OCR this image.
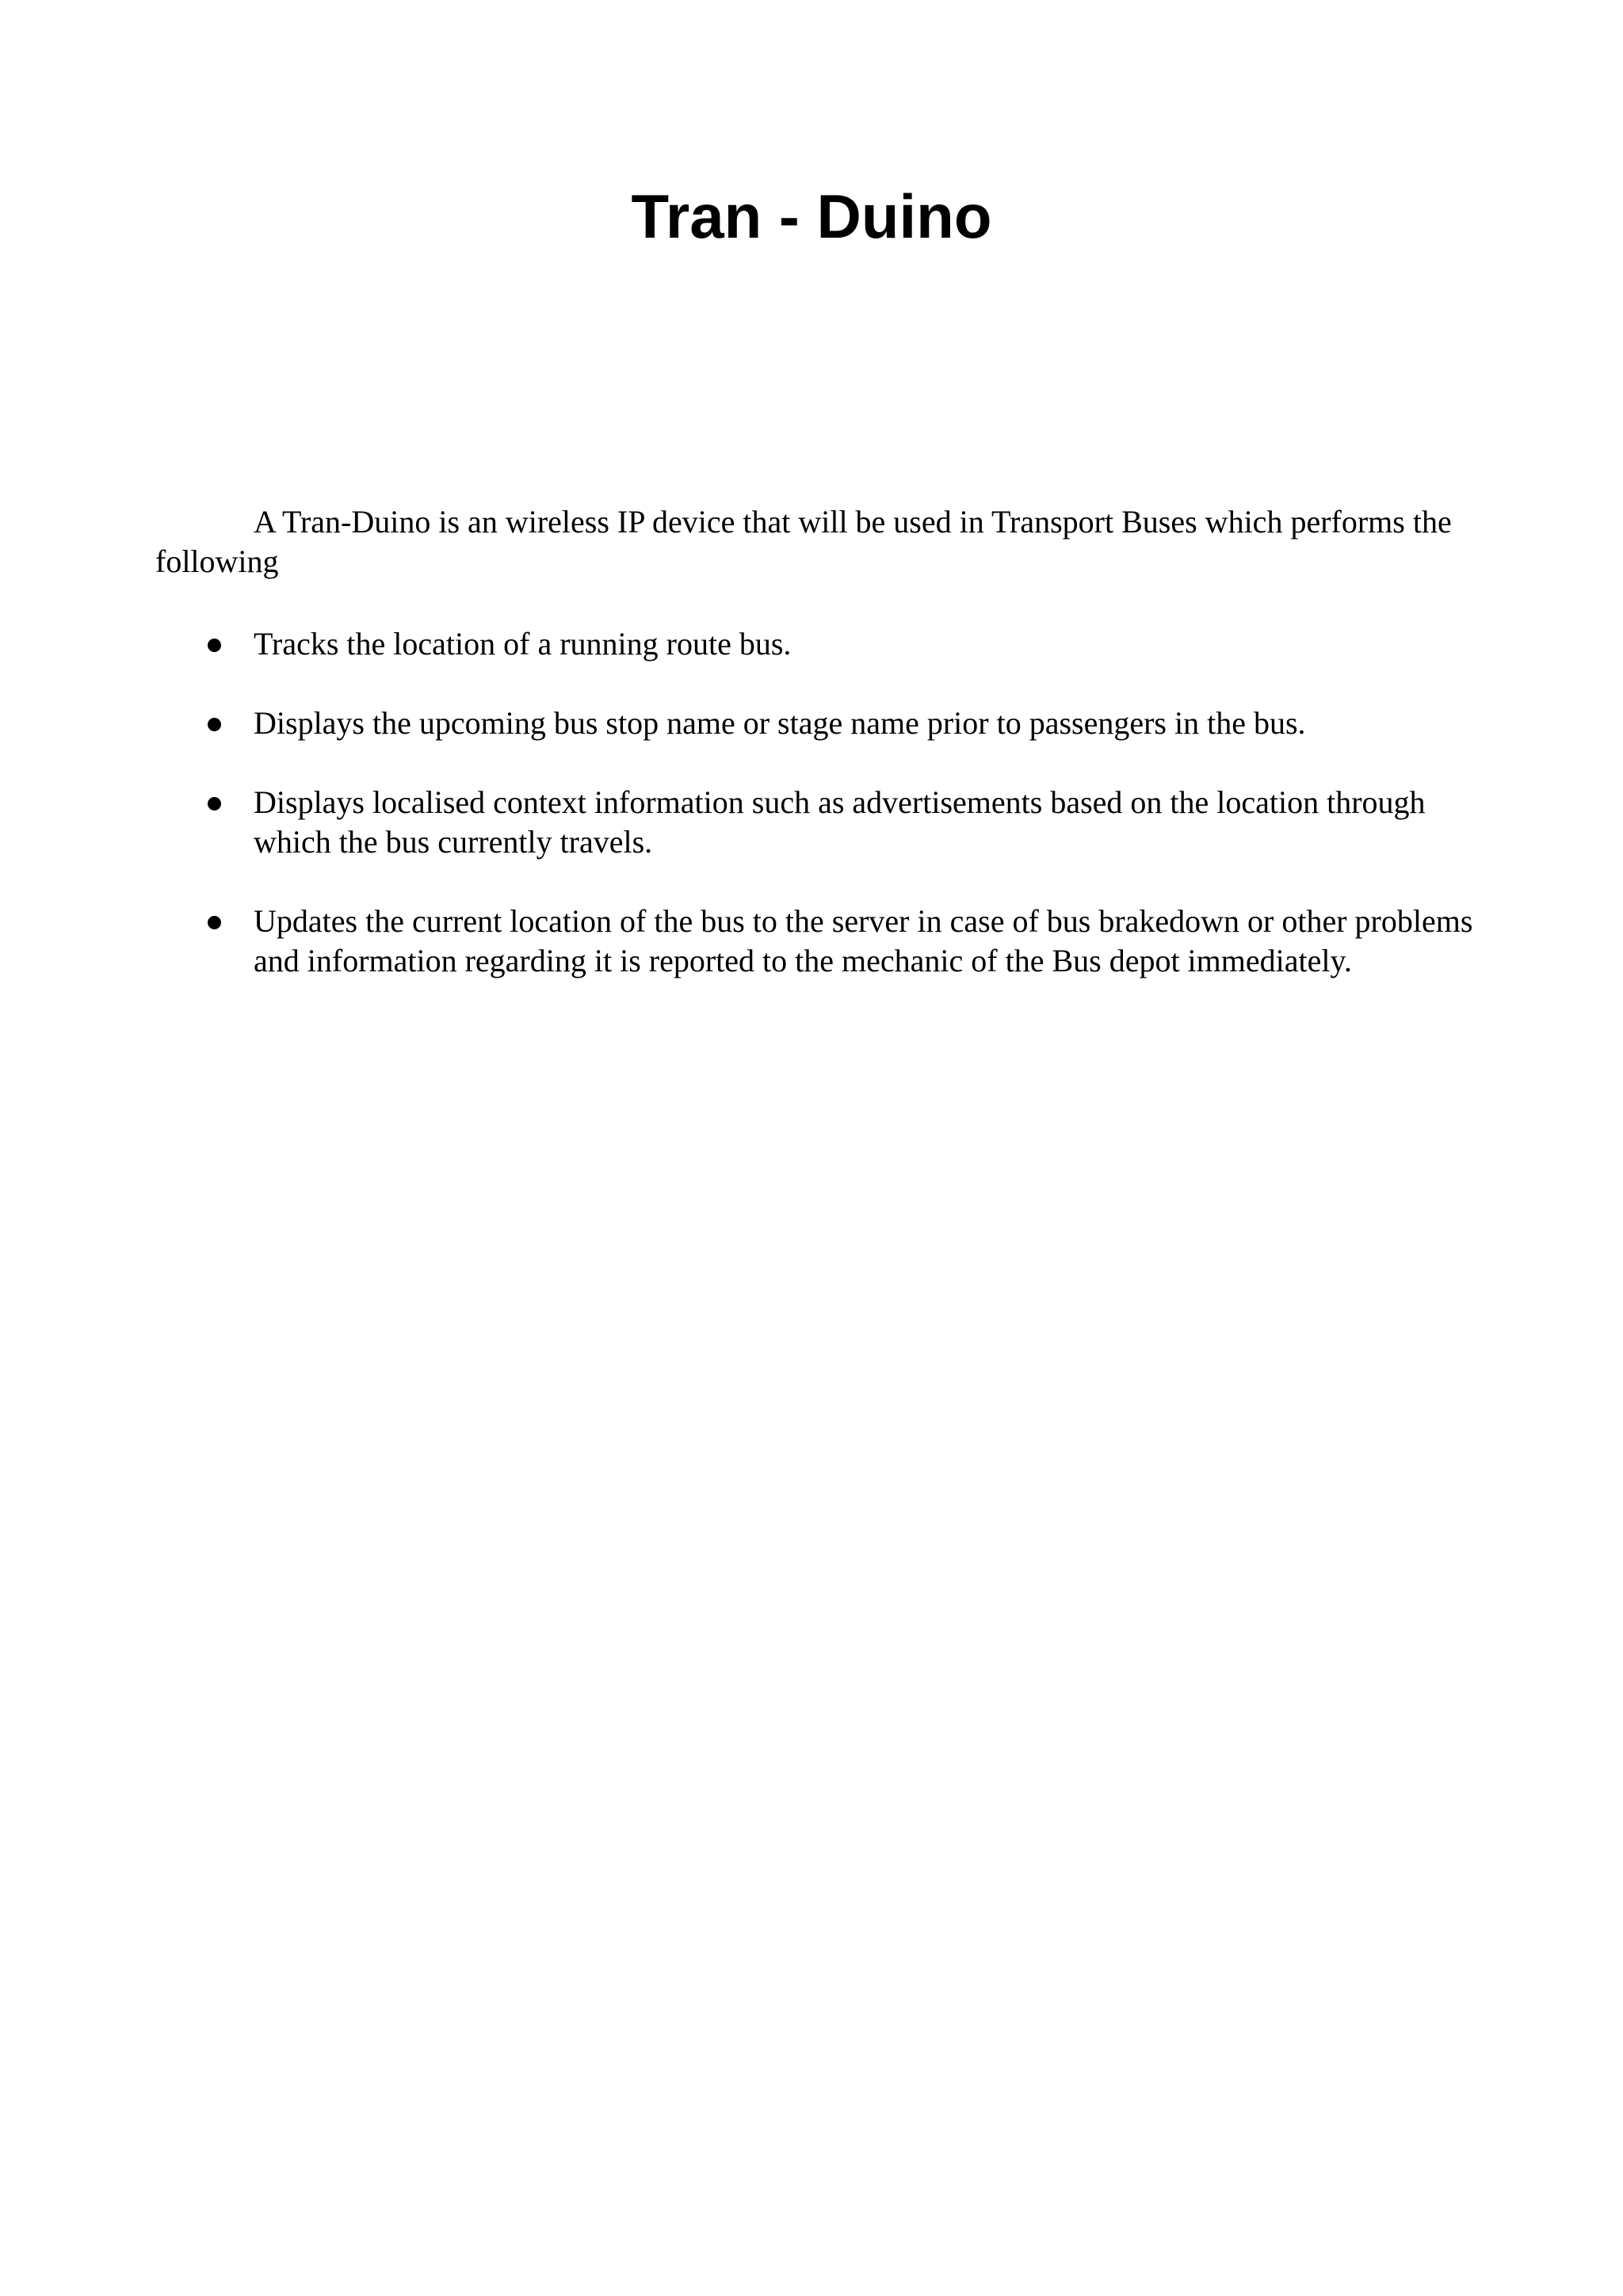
Tran - Duino

A Tran-Duino is an wireless IP device that will be used in Transport Buses which performs the following

Tracks the location of a running route bus.
Displays the upcoming bus stop name or stage name prior to passengers in the bus.
Displays localised context information such as advertisements based on the location through which the bus currently travels.
Updates the current location of the bus to the server in case of bus brakedown or other problems and information regarding it is reported to the mechanic of the Bus depot immediately.
